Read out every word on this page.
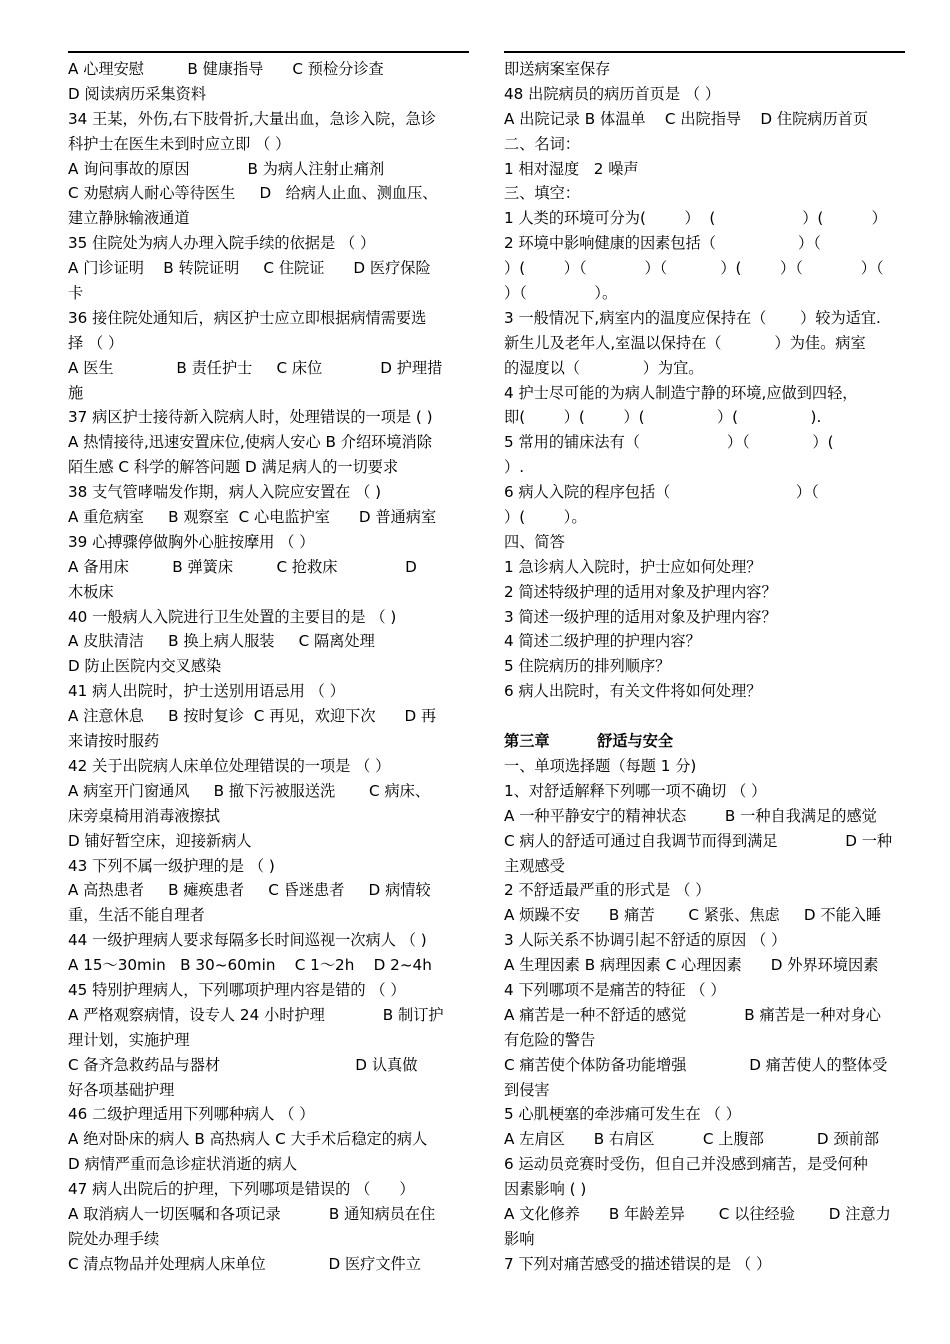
A 心理安慰         B 健康指导      C 预检分诊查
D 阅读病历采集资料
34 王某，外伤,右下肢骨折,大量出血，急诊入院，急诊
科护士在医生未到时应立即 （ ）
A 询问事故的原因            B 为病人注射止痛剂
C 劝慰病人耐心等待医生     D   给病人止血、测血压、
建立静脉输液通道
35 住院处为病人办理入院手续的依据是 （ ）
A 门诊证明    B 转院证明     C 住院证      D 医疗保险
卡
36 接住院处通知后，病区护士应立即根据病情需要选
择 （ ）
A 医生             B 责任护士     C 床位            D 护理措
施
37 病区护士接待新入院病人时，处理错误的一项是 ( )
A 热情接待,迅速安置床位,使病人安心 B 介绍环境消除
陌生感 C 科学的解答问题 D 满足病人的一切要求
38 支气管哮喘发作期，病人入院应安置在 （ )
A 重危病室     B 观察室  C 心电监护室      D 普通病室
39 心搏骤停做胸外心脏按摩用 （ ）
A 备用床         B 弹簧床         C 抢救床              D
木板床
40 一般病人入院进行卫生处置的主要目的是 （ )
A 皮肤清洁     B 换上病人服装     C 隔离处理
D 防止医院内交叉感染
41 病人出院时，护士送别用语忌用 （ ）
A 注意休息     B 按时复诊  C 再见，欢迎下次      D 再
来请按时服药
42 关于出院病人床单位处理错误的一项是 （ ）
A 病室开门窗通风     B 撤下污被服送洗       C 病床、
床旁桌椅用消毒液擦拭
D 铺好暂空床，迎接新病人
43 下列不属一级护理的是 （ )
A 高热患者     B 瘫痪患者     C 昏迷患者     D 病情较
重，生活不能自理者
44 一级护理病人要求每隔多长时间巡视一次病人 （ )
A 15～30min   B 30~60min    C 1～2h    D 2~4h
45 特别护理病人，下列哪项护理内容是错的 （ ）
A 严格观察病情，设专人 24 小时护理            B 制订护
理计划，实施护理
C 备齐急救药品与器材                            D 认真做
好各项基础护理
46 二级护理适用下列哪种病人 （ ）
A 绝对卧床的病人 B 高热病人 C 大手术后稳定的病人
D 病情严重而急诊症状消逝的病人
47 病人出院后的护理，下列哪项是错误的 （      ）
A 取消病人一切医嘱和各项记录          B 通知病员在住
院处办理手续
C 清点物品并处理病人床单位             D 医疗文件立
即送病案室保存
48 出院病员的病历首页是 （ ）
A 出院记录 B 体温单    C 出院指导    D 住院病历首页
二、名词：
1 相对湿度   2 噪声
三、填空：
1 人类的环境可分为(        ）  (                  ）(          ）
2 环境中影响健康的因素包括（                 ）（
）(        ）（            ）（           ）(        ）（            ）（
）（              ）。
3 一般情况下,病室内的温度应保持在（       ）较为适宜.
新生儿及老年人,室温以保持在（           ）为佳。病室
的湿度以（             ）为宜。
4 护士尽可能的为病人制造宁静的环境,应做到四轻，
即(        ）(        ）(               ）(               ).
5 常用的铺床法有（                  ）（             ）(
）.
6 病人入院的程序包括（                          ）（
）(        ）。
四、简答
1 急诊病人入院时，护士应如何处理？
2 简述特级护理的适用对象及护理内容？
3 简述一级护理的适用对象及护理内容？
4 简述二级护理的护理内容？
5 住院病历的排列顺序？
6 病人出院时，有关文件将如何处理？
第三章         舒适与安全
一、单项选择题（每题 1 分)
1、对舒适解释下列哪一项不确切 （ ）
A 一种平静安宁的精神状态        B 一种自我满足的感觉
C 病人的舒适可通过自我调节而得到满足              D 一种
主观感受
2 不舒适最严重的形式是 （ ）
A 烦躁不安      B 痛苦       C 紧张、焦虑     D 不能入睡
3 人际关系不协调引起不舒适的原因 （ ）
A 生理因素 B 病理因素 C 心理因素      D 外界环境因素
4 下列哪项不是痛苦的特征 （ ）
A 痛苦是一种不舒适的感觉            B 痛苦是一种对身心
有危险的警告
C 痛苦使个体防备功能增强             D 痛苦使人的整体受
到侵害
5 心肌梗塞的牵涉痛可发生在 （ ）
A 左肩区      B 右肩区          C 上腹部           D 颈前部
6 运动员竞赛时受伤，但自己并没感到痛苦，是受何种
因素影响 ( )
A 文化修养      B 年龄差异       C 以往经验       D 注意力
影响
7 下列对痛苦感受的描述错误的是 （ ）
